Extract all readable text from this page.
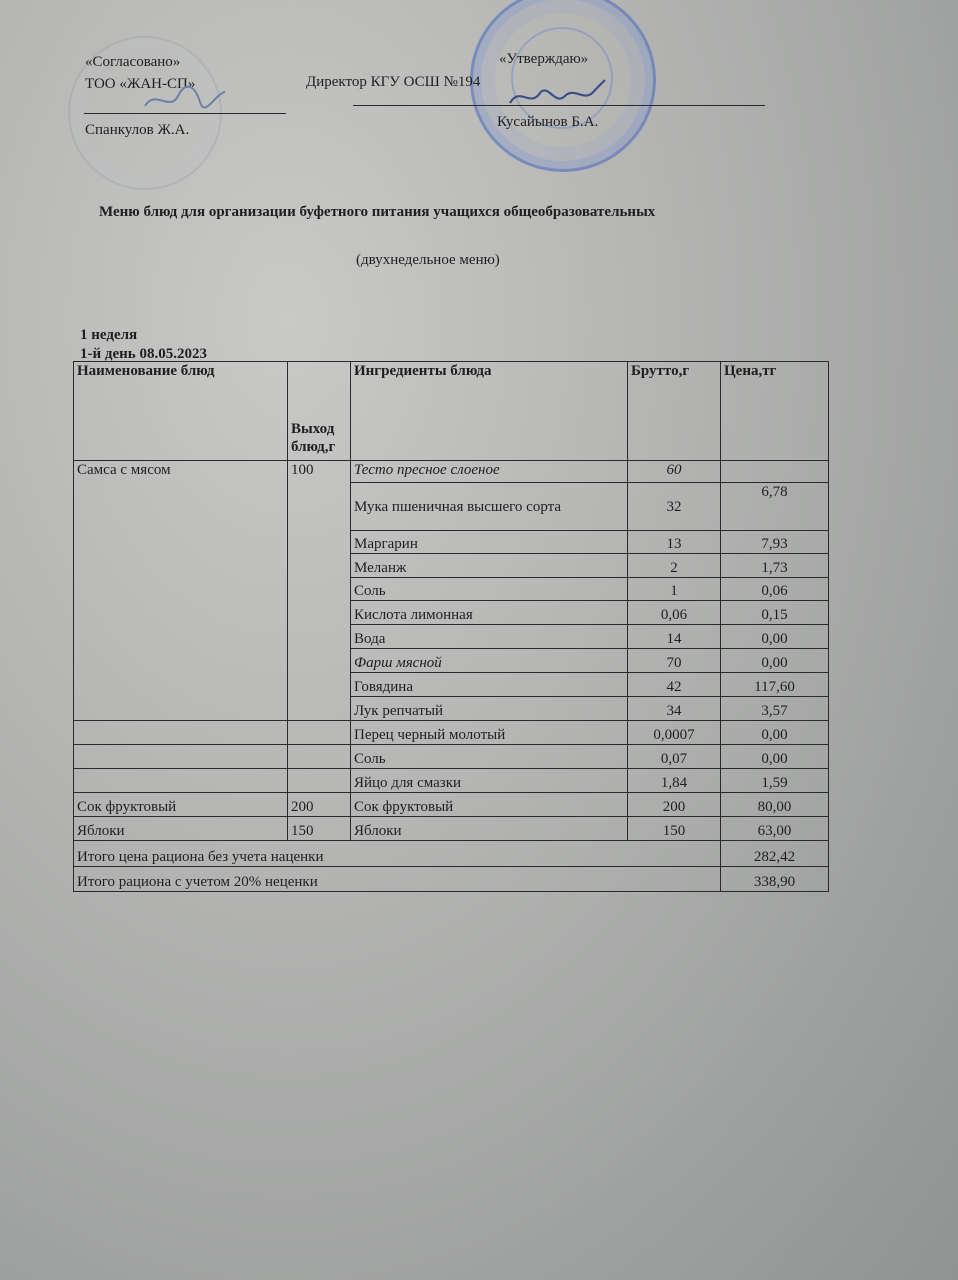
«Согласовано»
ТОО «ЖАН-СП»
Спанкулов Ж.А.
«Утверждаю»
Директор КГУ ОСШ №194
Кусайынов Б.А.
Меню блюд для организации буфетного питания учащихся общеобразовательных
(двухнедельное меню)
1 неделя
1-й день 08.05.2023
Наименование блюд	Выход блюд,г	Ингредиенты блюда	Брутто,г	Цена,тг
Самса с мясом	100	Тесто пресное слоеное	60	
		Мука пшеничная высшего сорта	32	6,78
		Маргарин	13	7,93
		Меланж	2	1,73
		Соль	1	0,06
		Кислота лимонная	0,06	0,15
		Вода	14	0,00
		Фарш мясной	70	0,00
		Говядина	42	117,60
		Лук репчатый	34	3,57
		Перец черный молотый	0,0007	0,00
		Соль	0,07	0,00
		Яйцо для смазки	1,84	1,59
Сок фруктовый	200	Сок фруктовый	200	80,00
Яблоки	150	Яблоки	150	63,00
Итого цена рациона без учета наценки				282,42
Итого рациона с учетом 20% неценки				338,90
